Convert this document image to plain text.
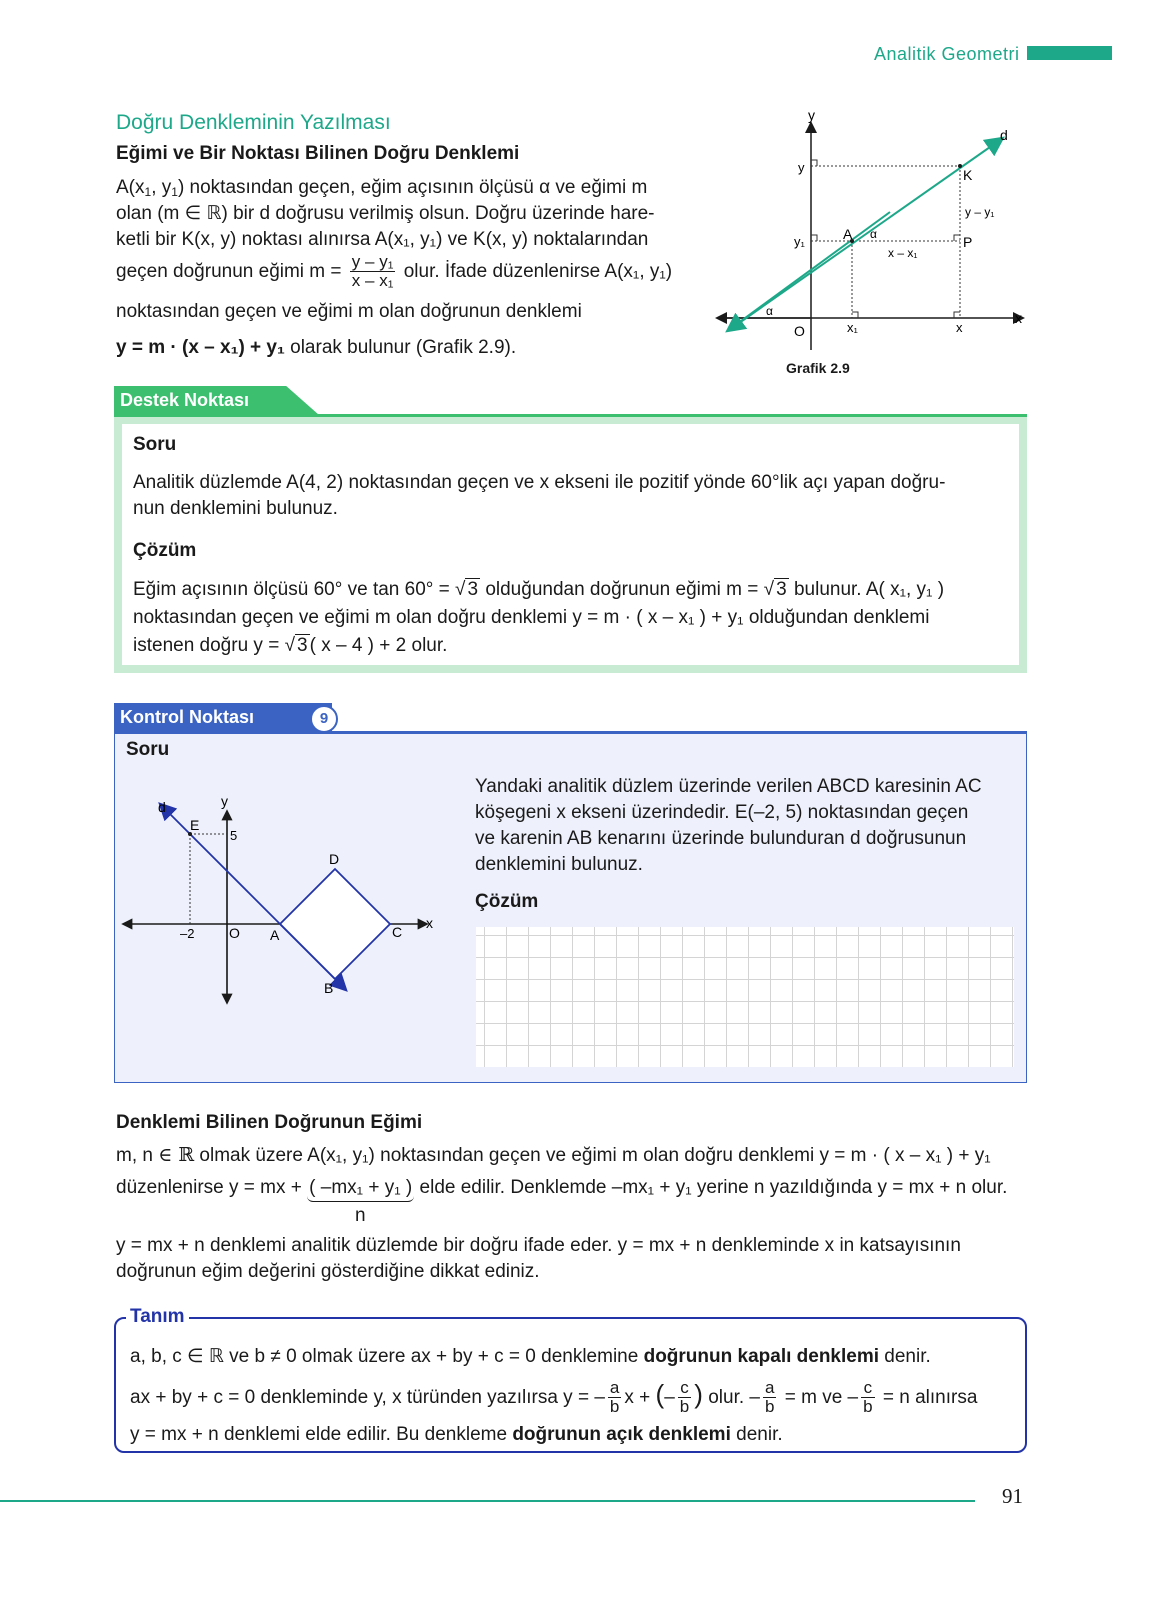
Analitik Geometri
Doğru Denkleminin Yazılması
Eğimi ve Bir Noktası Bilinen Doğru Denklemi
$A(x_1$, $y_1$) noktasından geçen, eğim açısının ölçüsü α ve eğimi m
olan (m ∈ ℝ) bir d doğrusu verilmiş olsun. Doğru üzerinde hare-
ketli bir K(x, y) noktası alınırsa A(x₁, y₁) ve K(x, y) noktalarından
geçen doğrunun eğimi $m = \frac{\text{y – y₁}}{\text{x – x₁}}$ olur. İfade düzenlenirse A(x₁, y₁)
noktasından geçen ve eğimi m olan doğrunun denklemi
y = m · (x – x₁) + y₁ olarak bulunur (Grafik 2.9).
y
x
O
d
K
A	P
y
y₁
x₁	x
y – y₁
x – x₁
α
α
Grafik 2.9
Destek Noktası
Soru
Analitik düzlemde A(4, 2) noktasından geçen ve x ekseni ile pozitif yönde 60°lik açı yapan doğru-
nun denklemini bulunuz.
Çözüm
Eğim açısının ölçüsü 60° ve tan 60° = √ 3 olduğundan doğrunun eğimi m = √ 3 bulunur. A( x₁, y₁ )
noktasından geçen ve eğimi m olan doğru denklemi y = m · ( x – x₁ ) + y₁ olduğundan denklemi
istenen doğru y = √ 3 ( x – 4 ) + 2 olur.
Kontrol Noktası	9
Soru
d	y
E
5
D
x
–2 O A	C
B
Yandaki analitik düzlem üzerinde verilen ABCD karesinin AC
köşegeni x ekseni üzerindedir. E(–2, 5) noktasından geçen
ve karenin AB kenarını üzerinde bulunduran d doğrusunun
denklemini bulunuz.
Çözüm
Denklemi Bilinen Doğrunun Eğimi
m, n ∈ ℝ olmak üzere A(x₁, y₁) noktasından geçen ve eğimi m olan doğru denklemi y = m · ( x – x₁ ) + y₁
düzenlenirse y = mx + ( –mx₁ + y₁ ) elde edilir. Denklemde –mx₁ + y₁ yerine n yazıldığında y = mx + n olur.
n
y = mx + n denklemi analitik düzlemde bir doğru ifade eder. y = mx + n denkleminde x in katsayısının
doğrunun eğim değerini gösterdiğine dikkat ediniz.
Tanım
a, b, c ∈ ℝ ve b ≠ 0 olmak üzere ax + by + c = 0 denklemine doğrunun kapalı denklemi denir.
ax + by + c = 0 denkleminde y, x türünden yazılırsa y = – $\frac{a}{b}$ x + (– $\frac{c}{b}$ ) olur. – $\frac{a}{b} = m$ ve – $\frac{c}{b} = n$ alınırsa
y = mx + n denklemi elde edilir. Bu denkleme doğrunun açık denklemi denir.
91
